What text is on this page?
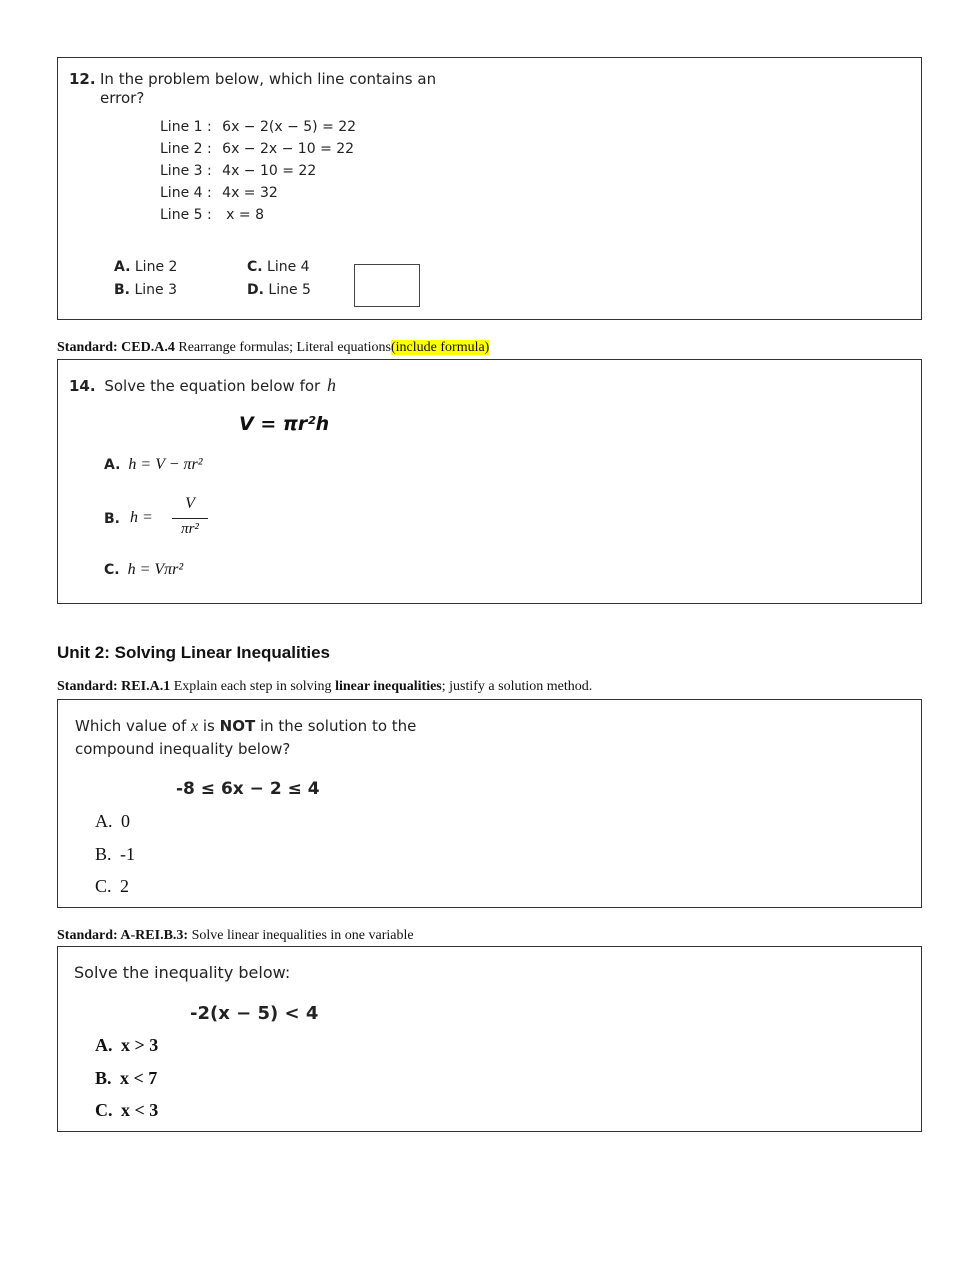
12. In the problem below, which line contains an
error?
Line 1 : 6x − 2(x − 5) = 22
Line 2 : 6x − 2x − 10 = 22
Line 3 : 4x − 10 = 22
Line 4 : 4x = 32
Line 5 : x = 8
A. Line 2
B. Line 3
C. Line 4
D. Line 5
Standard: CED.A.4 Rearrange formulas; Literal equations(include formula)
14. Solve the equation below for h
V = πr²h
A. h = V − πr²
B. h =
V
πr²
C. h = Vπr²
Unit 2: Solving Linear Inequalities
Standard: REI.A.1 Explain each step in solving linear inequalities; justify a solution method.
Which value of x is NOT in the solution to the
compound inequality below?
-8 ≤ 6x − 2 ≤ 4
A. 0
B. -1
C. 2
Standard: A-REI.B.3: Solve linear inequalities in one variable
Solve the inequality below:
-2(x − 5) < 4
A. x > 3
B. x < 7
C. x < 3
